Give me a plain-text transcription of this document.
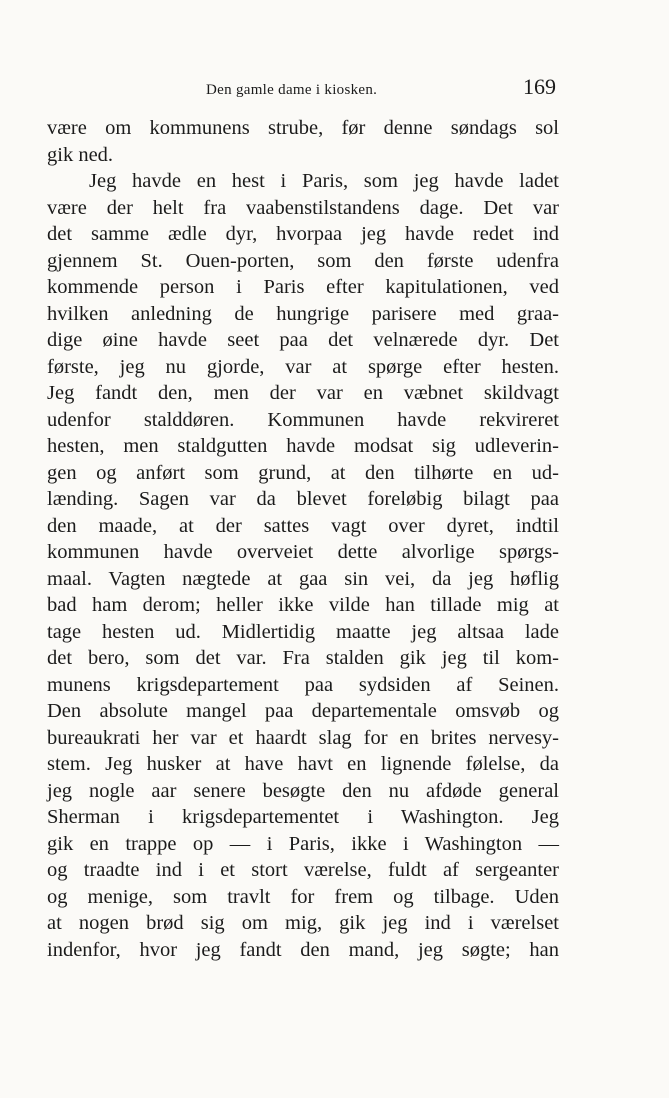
Den gamle dame i kiosken.	169
være om kommunens strube, før denne søndags sol
gik ned.
Jeg havde en hest i Paris, som jeg havde ladet
være der helt fra vaabenstilstandens dage. Det var
det samme ædle dyr, hvorpaa jeg havde redet ind
gjennem St. Ouen-porten, som den første udenfra
kommende person i Paris efter kapitulationen, ved
hvilken anledning de hungrige parisere med graa-
dige øine havde seet paa det velnærede dyr. Det
første, jeg nu gjorde, var at spørge efter hesten.
Jeg fandt den, men der var en væbnet skildvagt
udenfor stalddøren. Kommunen havde rekvireret
hesten, men staldgutten havde modsat sig udleverin-
gen og anført som grund, at den tilhørte en ud-
lænding. Sagen var da blevet foreløbig bilagt paa
den maade, at der sattes vagt over dyret, indtil
kommunen havde overveiet dette alvorlige spørgs-
maal. Vagten nægtede at gaa sin vei, da jeg høflig
bad ham derom; heller ikke vilde han tillade mig at
tage hesten ud. Midlertidig maatte jeg altsaa lade
det bero, som det var. Fra stalden gik jeg til kom-
munens krigsdepartement paa sydsiden af Seinen.
Den absolute mangel paa departementale omsvøb og
bureaukrati her var et haardt slag for en brites nervesy-
stem. Jeg husker at have havt en lignende følelse, da
jeg nogle aar senere besøgte den nu afdøde general
Sherman i krigsdepartementet i Washington. Jeg
gik en trappe op — i Paris, ikke i Washington —
og traadte ind i et stort værelse, fuldt af sergeanter
og menige, som travlt for frem og tilbage. Uden
at nogen brød sig om mig, gik jeg ind i værelset
indenfor, hvor jeg fandt den mand, jeg søgte; han
